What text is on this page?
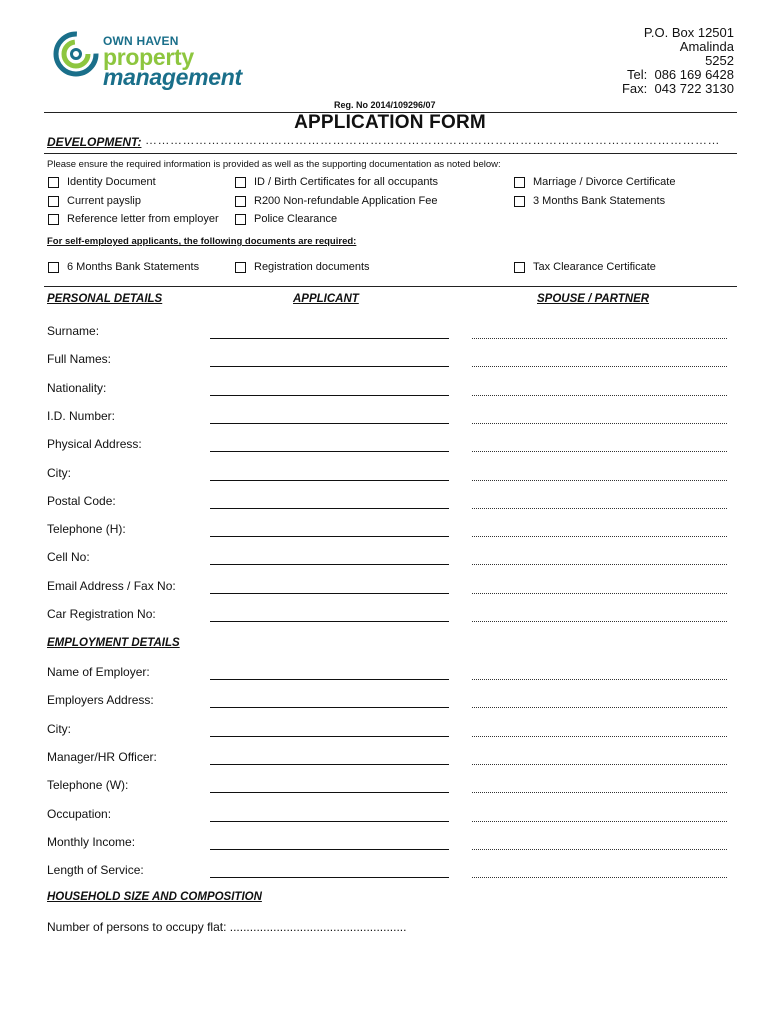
OWN HAVEN
property
management
P.O. Box 12501
Amalinda
5252
Tel: 086 169 6428
Fax: 043 722 3130
Reg. No 2014/109296/07
APPLICATION FORM
DEVELOPMENT: …………………………………………………………………………………………………………………………
Please ensure the required information is provided as well as the supporting documentation as noted below:
Identity Document	ID / Birth Certificates for all occupants	Marriage / Divorce Certificate
Current payslip	R200 Non-refundable Application Fee	3 Months Bank Statements
Reference letter from employer	Police Clearance
For self-employed applicants, the following documents are required:
6 Months Bank Statements	Registration documents	Tax Clearance Certificate
PERSONAL DETAILS	APPLICANT	SPOUSE / PARTNER
Surname:
Full Names:
Nationality:
I.D. Number:
Physical Address:
City:
Postal Code:
Telephone (H):
Cell No:
Email Address / Fax No:
Car Registration No:
EMPLOYMENT DETAILS
Name of Employer:
Employers Address:
City:
Manager/HR Officer:
Telephone (W):
Occupation:
Monthly Income:
Length of Service:
HOUSEHOLD SIZE AND COMPOSITION
Number of persons to occupy flat: .....................................................
